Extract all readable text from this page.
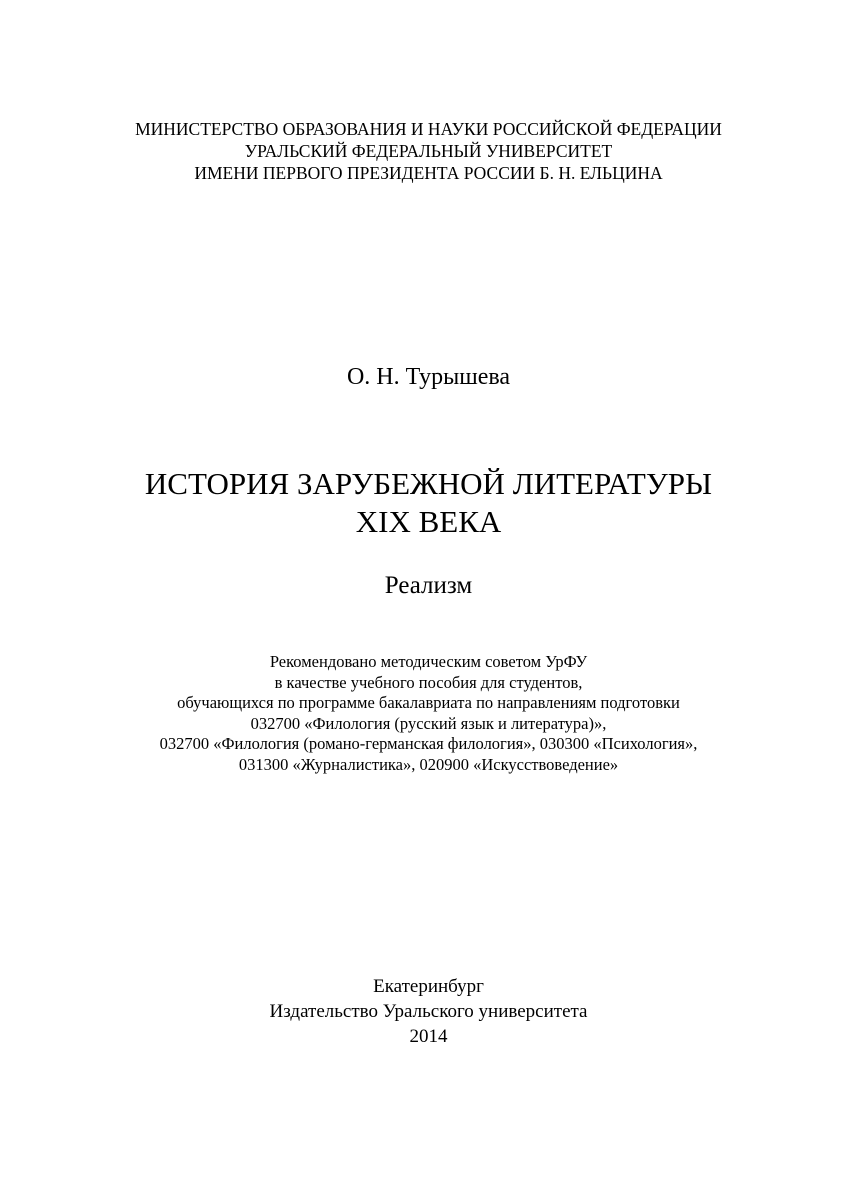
МИНИСТЕРСТВО ОБРАЗОВАНИЯ И НАУКИ РОССИЙСКОЙ ФЕДЕРАЦИИ
УРАЛЬСКИЙ ФЕДЕРАЛЬНЫЙ УНИВЕРСИТЕТ
ИМЕНИ ПЕРВОГО ПРЕЗИДЕНТА РОССИИ Б. Н. ЕЛЬЦИНА
О. Н. Турышева
ИСТОРИЯ ЗАРУБЕЖНОЙ ЛИТЕРАТУРЫ
XIX ВЕКА
Реализм
Рекомендовано методическим советом УрФУ
в качестве учебного пособия для студентов,
обучающихся по программе бакалавриата по направлениям подготовки
032700 «Филология (русский язык и литература)»,
032700 «Филология (романо-германская филология», 030300 «Психология»,
031300 «Журналистика», 020900 «Искусствоведение»
Екатеринбург
Издательство Уральского университета
2014
